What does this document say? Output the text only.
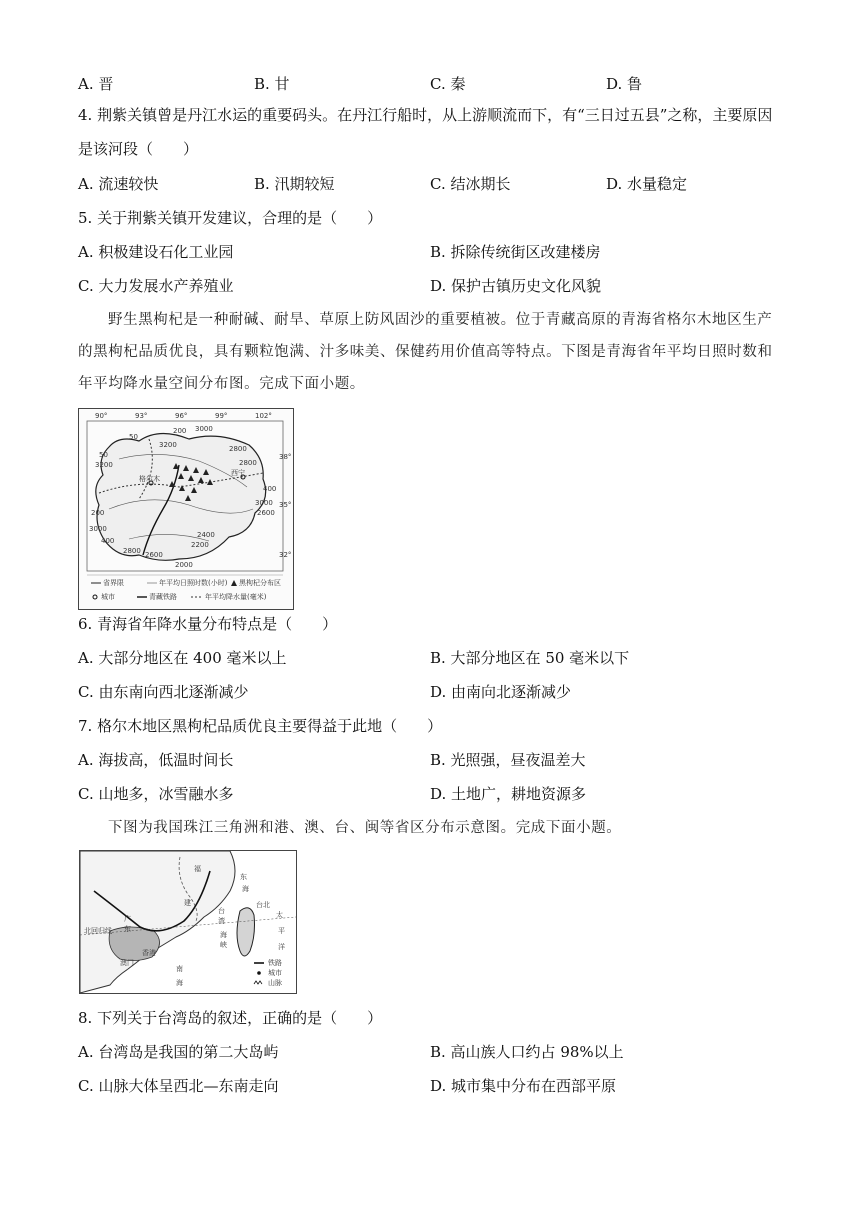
A. 晋	B. 甘	C. 秦	D. 鲁
4. 荆紫关镇曾是丹江水运的重要码头。在丹江行船时，从上游顺流而下，有“三日过五县”之称，主要原因是该河段（　　）
A. 流速较快	B. 汛期较短	C. 结冰期长	D. 水量稳定
5. 关于荆紫关镇开发建议，合理的是（　　）
A. 积极建设石化工业园	B. 拆除传统街区改建楼房
C. 大力发展水产养殖业	D. 保护古镇历史文化风貌
野生黑枸杞是一种耐碱、耐旱、草原上防风固沙的重要植被。位于青藏高原的青海省格尔木地区生产的黑枸杞品质优良，具有颗粒饱满、汁多味美、保健药用价值高等特点。下图是青海省年平均日照时数和年平均降水量空间分布图。完成下面小题。
90°	93°	96°	99°	102°
38°
35°
32°
格尔木
西宁
50
200 3000
3200	2800
50
3200	2800
400
3000
2600
200
3000
400
2800 2600
2400
2200
2000
省界限	年平均日照时数(小时) 黑枸杞分布区
城市	青藏铁路	年平均降水量(毫米)
6. 青海省年降水量分布特点是（　　）
A. 大部分地区在 400 毫米以上	B. 大部分地区在 50 毫米以下
C. 由东南向西北逐渐减少	D. 由南向北逐渐减少
7. 格尔木地区黑枸杞品质优良主要得益于此地（　　）
A. 海拔高，低温时间长	B. 光照强，昼夜温差大
C. 山地多，冰雪融水多	D. 土地广，耕地资源多
下图为我国珠江三角洲和港、澳、台、闽等省区分布示意图。完成下面小题。
福
建
东
海
台
湾
海
峡
台北
太
平
洋
广
东
北回归线
香港
澳门
南
海
铁路
城市
山脉
8. 下列关于台湾岛的叙述，正确的是（　　）
A. 台湾岛是我国的第二大岛屿	B. 高山族人口约占 98%以上
C. 山脉大体呈西北—东南走向	D. 城市集中分布在西部平原
